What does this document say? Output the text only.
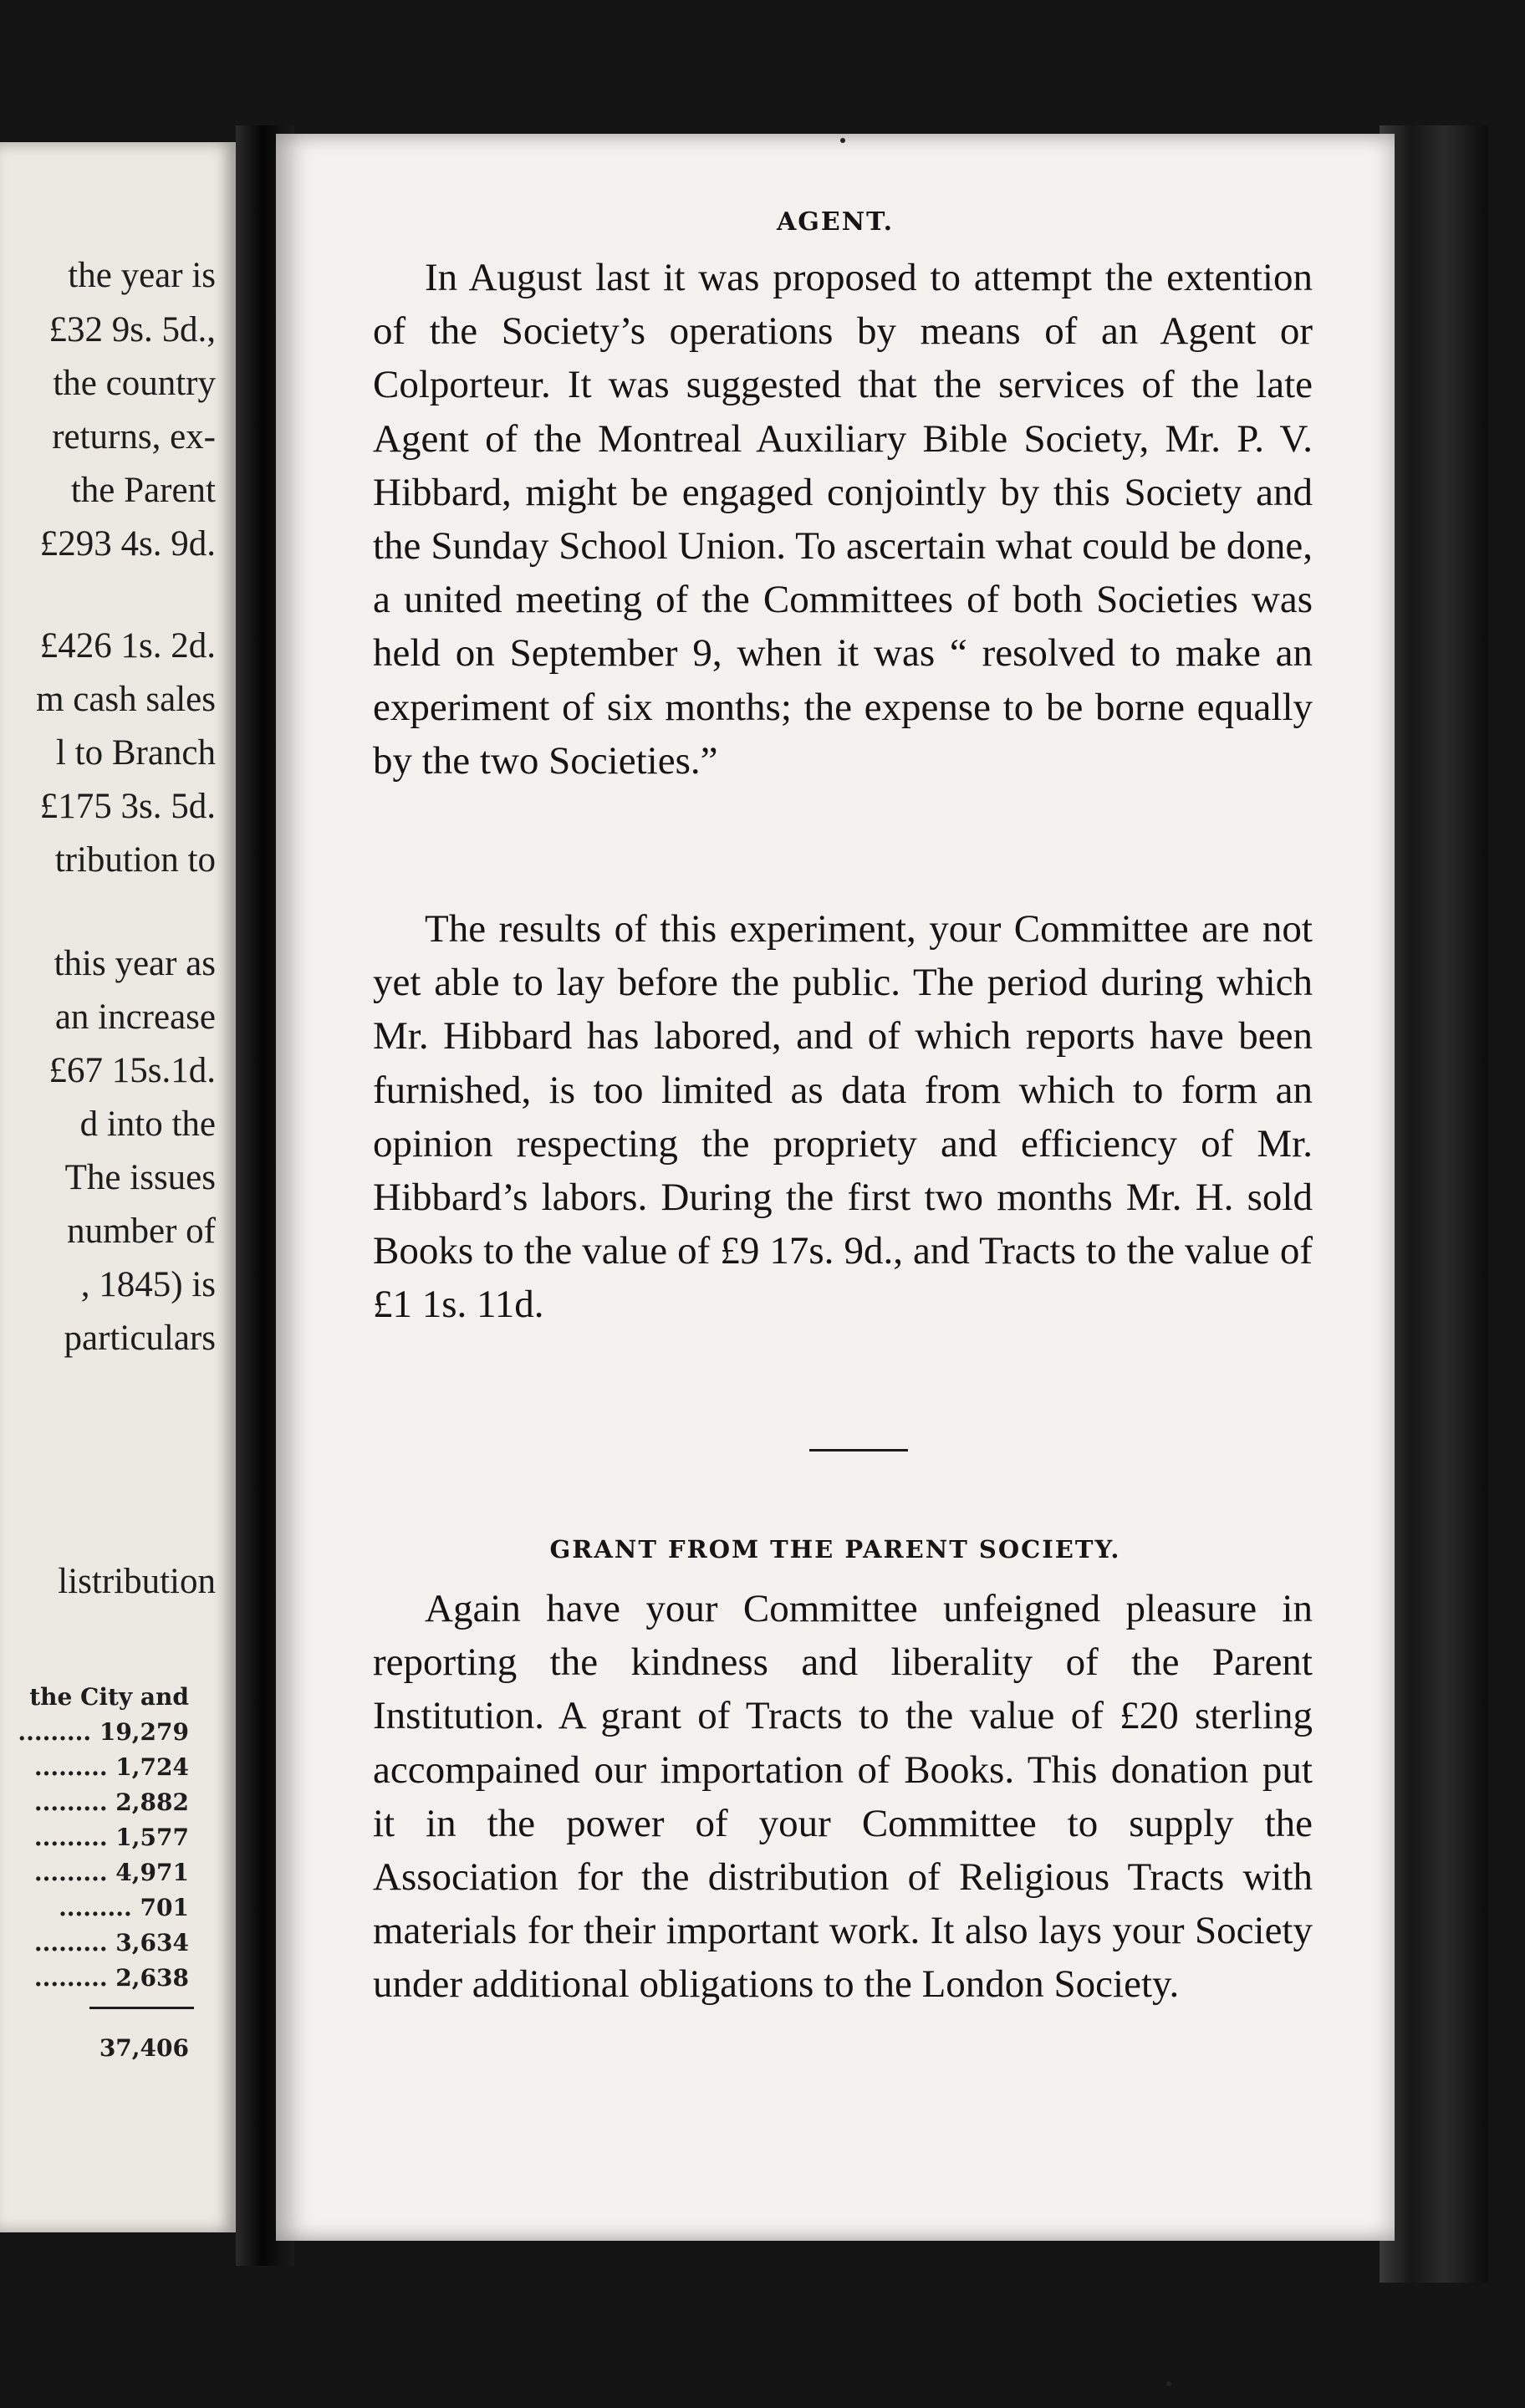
the year is
£32 9s. 5d.,
the country
returns, ex-
the Parent
£293 4s. 9d.
£426 1s. 2d.
m cash sales
l to Branch
£175 3s. 5d.
tribution to
this year as
an increase
£67 15s.1d.
d into the
The issues
number of
, 1845) is
particulars
listribution
the City and
......... 19,279
......... 1,724
......... 2,882
......... 1,577
......... 4,971
......... 701
......... 3,634
......... 2,638
37,406
AGENT.

In August last it was proposed to attempt the extention of the Society’s operations by means of an Agent or Colporteur. It was suggested that the services of the late Agent of the Montreal Auxiliary Bible Society, Mr. P. V. Hibbard, might be engaged conjointly by this Society and the Sunday School Union. To ascertain what could be done, a united meeting of the Committees of both Societies was held on September 9, when it was “ resolved to make an experiment of six months; the expense to be borne equally by the two Societies.”

The results of this experiment, your Committee are not yet able to lay before the public. The period during which Mr. Hibbard has labored, and of which reports have been furnished, is too limited as data from which to form an opinion respecting the propriety and efficiency of Mr. Hibbard’s labors. During the first two months Mr. H. sold Books to the value of £9 17s. 9d., and Tracts to the value of £1 1s. 11d.

GRANT FROM THE PARENT SOCIETY.

Again have your Committee unfeigned pleasure in reporting the kindness and liberality of the Parent Institution. A grant of Tracts to the value of £20 sterling accompained our importation of Books. This donation put it in the power of your Committee to supply the Association for the distribution of Religious Tracts with materials for their important work. It also lays your Society under additional obligations to the London Society.
